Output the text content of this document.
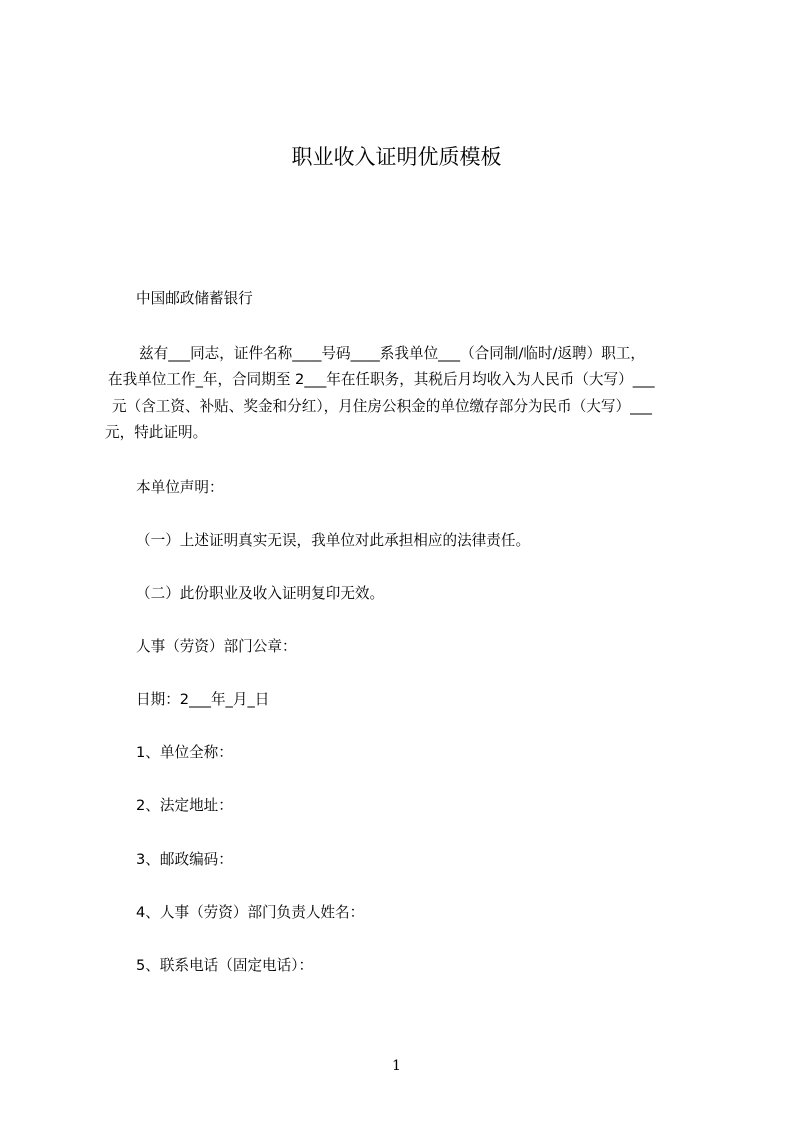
职业收入证明优质模板

中国邮政储蓄银行

兹有___同志，证件名称____号码____系我单位___（合同制/临时/返聘）职工，

在我单位工作_年，合同期至 2___年在任职务，其税后月均收入为人民币（大写）___

元（含工资、补贴、奖金和分红），月住房公积金的单位缴存部分为民币（大写）___

元，特此证明。

本单位声明：

（一）上述证明真实无误，我单位对此承担相应的法律责任。

（二）此份职业及收入证明复印无效。

人事（劳资）部门公章：

日期：2___年_月_日

1、单位全称：

2、法定地址：

3、邮政编码：

4、人事（劳资）部门负责人姓名：

5、联系电话（固定电话）：

1
